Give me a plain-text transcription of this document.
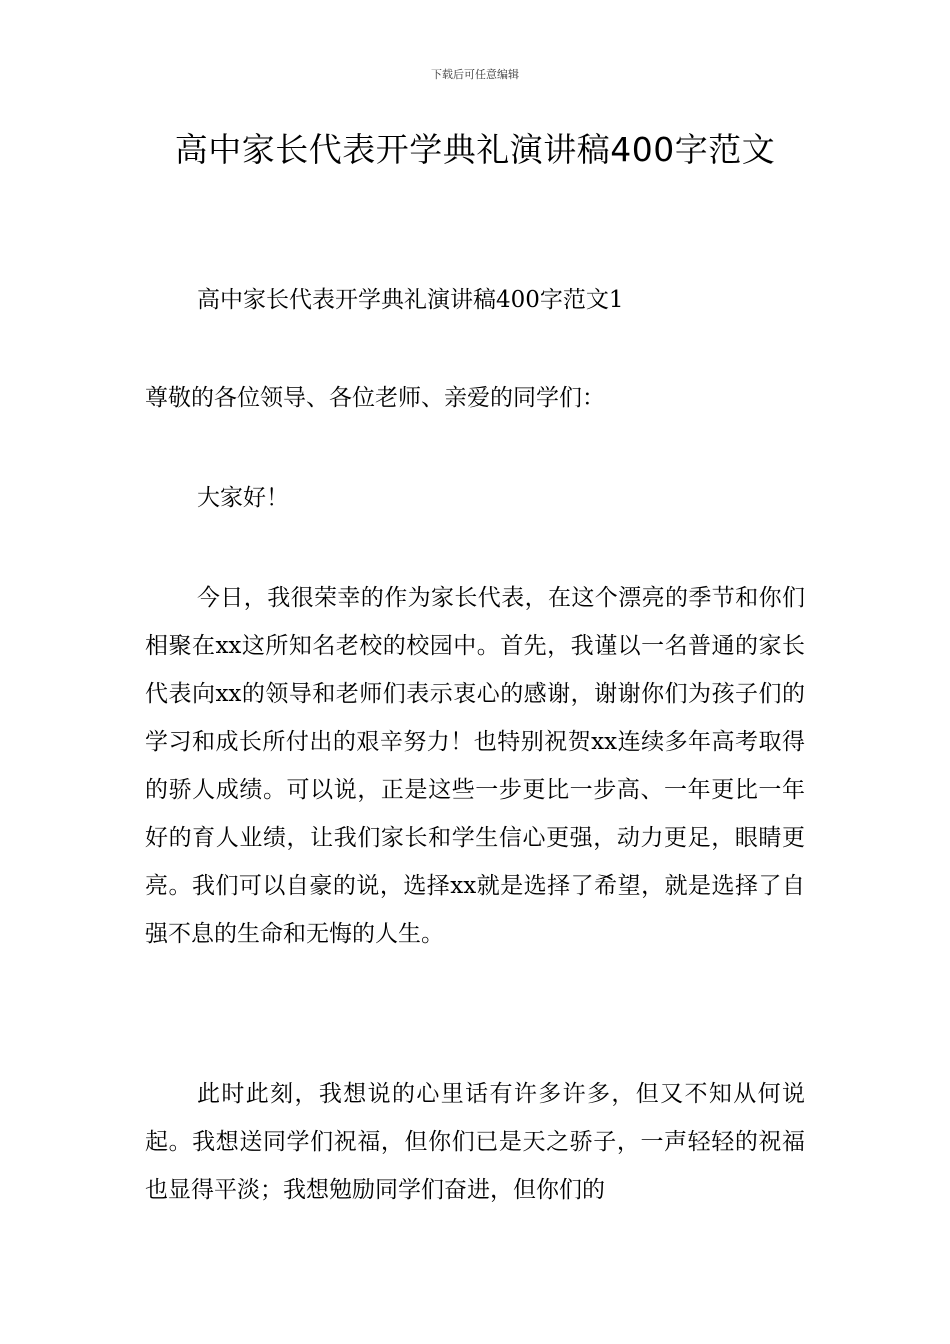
下载后可任意编辑
高中家长代表开学典礼演讲稿400字范文
高中家长代表开学典礼演讲稿400字范文1
尊敬的各位领导、各位老师、亲爱的同学们：
大家好！
今日，我很荣幸的作为家长代表，在这个漂亮的季节和你们相聚在xx这所知名老校的校园中。首先，我谨以一名普通的家长代表向xx的领导和老师们表示衷心的感谢，谢谢你们为孩子们的学习和成长所付出的艰辛努力！也特别祝贺xx连续多年高考取得的骄人成绩。可以说，正是这些一步更比一步高、一年更比一年好的育人业绩，让我们家长和学生信心更强，动力更足，眼睛更亮。我们可以自豪的说，选择xx就是选择了希望，就是选择了自强不息的生命和无悔的人生。
此时此刻，我想说的心里话有许多许多，但又不知从何说起。我想送同学们祝福，但你们已是天之骄子，一声轻轻的祝福也显得平淡；我想勉励同学们奋进，但你们的
